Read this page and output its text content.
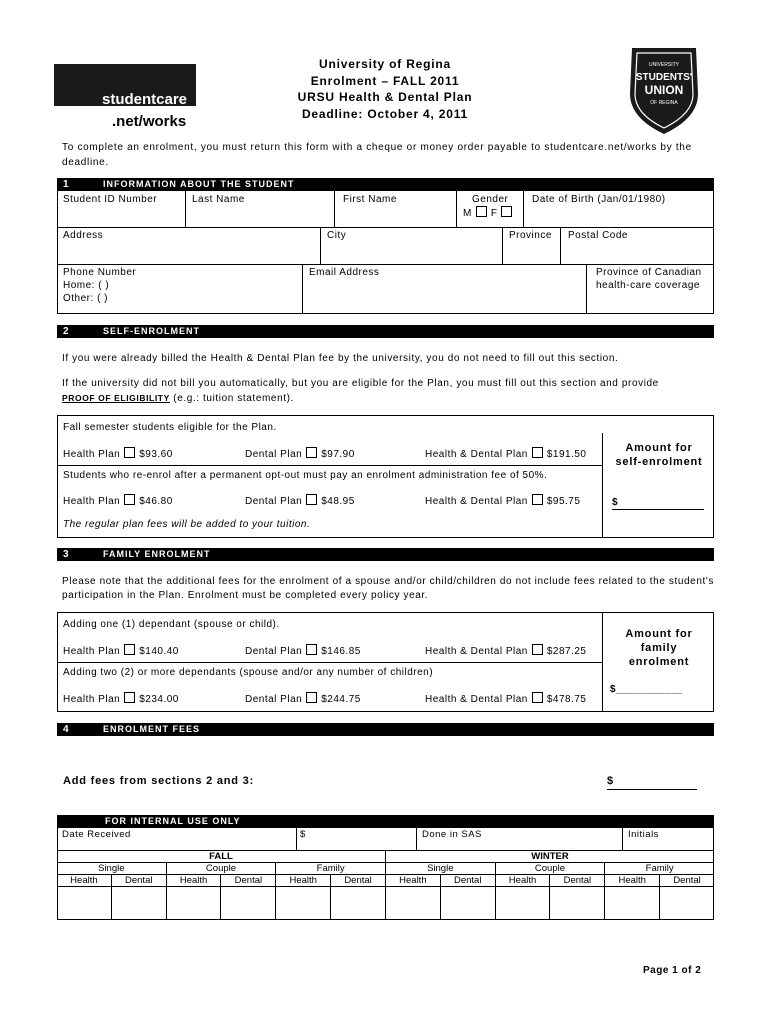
studentcare
.net/works
UNIVERSITY
STUDENTS'
UNION
OF REGINA
University of Regina
Enrolment – FALL 2011
URSU Health & Dental Plan
Deadline: October 4, 2011
To complete an enrolment, you must return this form with a cheque or money order payable to studentcare.net/works by the deadline.
1	INFORMATION ABOUT THE STUDENT
Student ID Number	Last Name	First Name	Gender
M F
Date of Birth (Jan/01/1980)
Address	City	Province Postal Code
Phone Number
Home: ( )
Other: ( )
Email Address	Province of Canadian
health-care coverage
2	SELF-ENROLMENT
If you were already billed the Health & Dental Plan fee by the university, you do not need to fill out this section.
If the university did not bill you automatically, but you are eligible for the Plan, you must fill out this section and provide
PROOF OF ELIGIBILITY (e.g.: tuition statement).
Fall semester students eligible for the Plan.
Health Plan $93.60	Dental Plan $97.90	Health & Dental Plan $191.50
Students who re-enrol after a permanent opt-out must pay an enrolment administration fee of 50%.
Health Plan $46.80	Dental Plan $48.95	Health & Dental Plan $95.75
The regular plan fees will be added to your tuition.
Amount for
self-enrolment
$
3	FAMILY ENROLMENT
Please note that the additional fees for the enrolment of a spouse and/or child/children do not include fees related to the student's participation in the Plan. Enrolment must be completed every policy year.
Adding one (1) dependant (spouse or child).
Health Plan $140.40	Dental Plan $146.85	Health & Dental Plan $287.25
Adding two (2) or more dependants (spouse and/or any number of children)
Health Plan $234.00	Dental Plan $244.75	Health & Dental Plan $478.75
Amount for
family
enrolment
$___________
4	ENROLMENT FEES
Add fees from sections 2 and 3:	$
FOR INTERNAL USE ONLY
Date Received	$	Done in SAS	Initials
FALL						WINTER					
Single		Couple		Family		Single		Couple		Family	
Health	Dental	Health	Dental	Health	Dental	Health	Dental	Health	Dental	Health	Dental

Page 1 of 2
